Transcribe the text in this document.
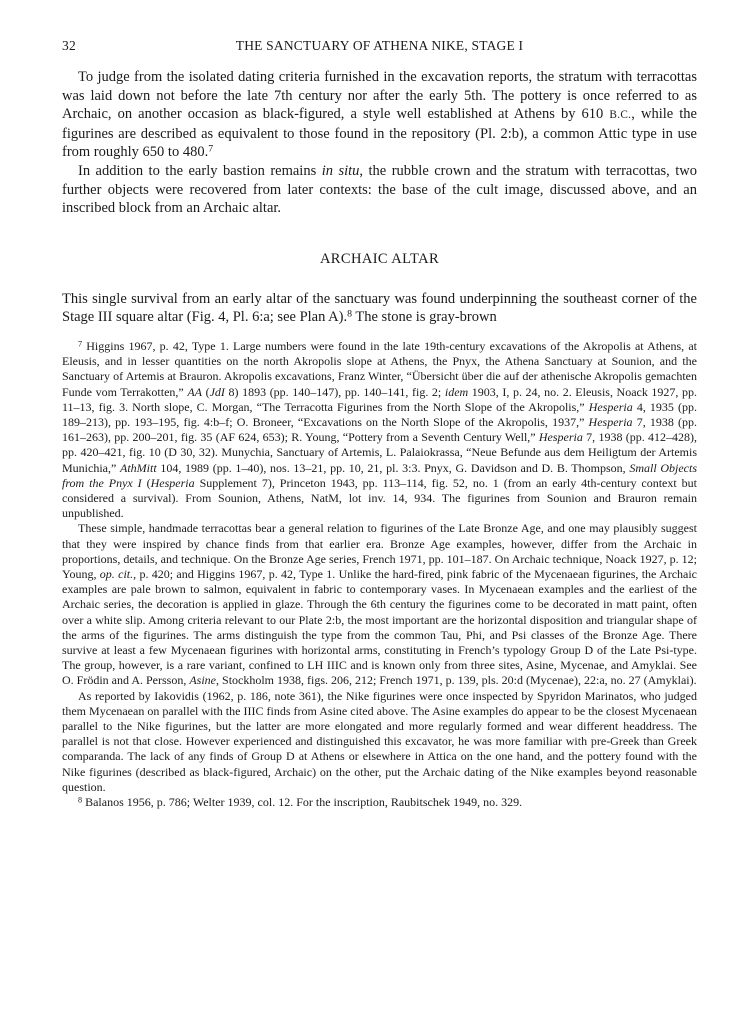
32	THE SANCTUARY OF ATHENA NIKE, STAGE I

To judge from the isolated dating criteria furnished in the excavation reports, the stratum with terracottas was laid down not before the late 7th century nor after the early 5th. The pottery is once referred to as Archaic, on another occasion as black-figured, a style well established at Athens by 610 B.C., while the figurines are described as equivalent to those found in the repository (Pl. 2:b), a common Attic type in use from roughly 650 to 480.$^7$

In addition to the early bastion remains in situ, the rubble crown and the stratum with terracottas, two further objects were recovered from later contexts: the base of the cult image, discussed above, and an inscribed block from an Archaic altar.

ARCHAIC ALTAR

This single survival from an early altar of the sanctuary was found underpinning the southeast corner of the Stage III square altar (Fig. 4, Pl. 6:a; see Plan A).$^8$ The stone is gray-brown

$^7$ Higgins 1967, p. 42, Type 1. Large numbers were found in the late 19th-century excavations of the Akropolis at Athens, at Eleusis, and in lesser quantities on the north Akropolis slope at Athens, the Pnyx, the Athena Sanctuary at Sounion, and the Sanctuary of Artemis at Brauron. Akropolis excavations, Franz Winter, “Übersicht über die auf der athenische Akropolis gemachten Funde vom Terrakotten,” AA (JdI 8) 1893 (pp. 140–147), pp. 140–141, fig. 2; idem 1903, I, p. 24, no. 2. Eleusis, Noack 1927, pp. 11–13, fig. 3. North slope, C. Morgan, “The Terracotta Figurines from the North Slope of the Akropolis,” Hesperia 4, 1935 (pp. 189–213), pp. 193–195, fig. 4:b–f; O. Broneer, “Excavations on the North Slope of the Akropolis, 1937,” Hesperia 7, 1938 (pp. 161–263), pp. 200–201, fig. 35 (AF 624, 653); R. Young, “Pottery from a Seventh Century Well,” Hesperia 7, 1938 (pp. 412–428), pp. 420–421, fig. 10 (D 30, 32). Munychia, Sanctuary of Artemis, L. Palaiokrassa, “Neue Befunde aus dem Heiligtum der Artemis Munichia,” AthMitt 104, 1989 (pp. 1–40), nos. 13–21, pp. 10, 21, pl. 3:3. Pnyx, G. Davidson and D. B. Thompson, Small Objects from the Pnyx I (Hesperia Supplement 7), Princeton 1943, pp. 113–114, fig. 52, no. 1 (from an early 4th-century context but considered a survival). From Sounion, Athens, NatM, lot inv. 14, 934. The figurines from Sounion and Brauron remain unpublished.

These simple, handmade terracottas bear a general relation to figurines of the Late Bronze Age, and one may plausibly suggest that they were inspired by chance finds from that earlier era. Bronze Age examples, however, differ from the Archaic in proportions, details, and technique. On the Bronze Age series, French 1971, pp. 101–187. On Archaic technique, Noack 1927, p. 12; Young, op. cit., p. 420; and Higgins 1967, p. 42, Type 1. Unlike the hard-fired, pink fabric of the Mycenaean figurines, the Archaic examples are pale brown to salmon, equivalent in fabric to contemporary vases. In Mycenaean examples and the earliest of the Archaic series, the decoration is applied in glaze. Through the 6th century the figurines come to be decorated in matt paint, often over a white slip. Among criteria relevant to our Plate 2:b, the most important are the horizontal disposition and triangular shape of the arms of the figurines. The arms distinguish the type from the common Tau, Phi, and Psi classes of the Bronze Age. There survive at least a few Mycenaean figurines with horizontal arms, constituting in French’s typology Group D of the Late Psi-type. The group, however, is a rare variant, confined to LH IIIC and is known only from three sites, Asine, Mycenae, and Amyklai. See O. Frödin and A. Persson, Asine, Stockholm 1938, figs. 206, 212; French 1971, p. 139, pls. 20:d (Mycenae), 22:a, no. 27 (Amyklai).

As reported by Iakovidis (1962, p. 186, note 361), the Nike figurines were once inspected by Spyridon Marinatos, who judged them Mycenaean on parallel with the IIIC finds from Asine cited above. The Asine examples do appear to be the closest Mycenaean parallel to the Nike figurines, but the latter are more elongated and more regularly formed and wear different headdress. The parallel is not that close. However experienced and distinguished this excavator, he was more familiar with pre-Greek than Greek comparanda. The lack of any finds of Group D at Athens or elsewhere in Attica on the one hand, and the pottery found with the Nike figurines (described as black-figured, Archaic) on the other, put the Archaic dating of the Nike examples beyond reasonable question.

$^8$ Balanos 1956, p. 786; Welter 1939, col. 12. For the inscription, Raubitschek 1949, no. 329.
